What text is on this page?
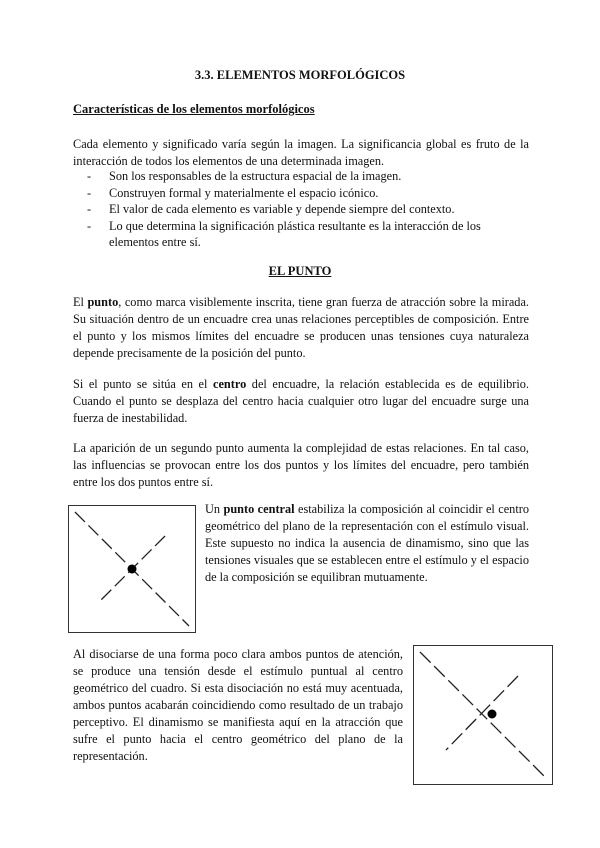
3.3. ELEMENTOS MORFOLÓGICOS
Características de los elementos morfológicos
Cada elemento y significado varía según la imagen. La significancia global es fruto de la interacción de todos los elementos de una determinada imagen.
- Son los responsables de la estructura espacial de la imagen.
- Construyen formal y materialmente el espacio icónico.
- El valor de cada elemento es variable y depende siempre del contexto.
- Lo que determina la significación plástica resultante es la interacción de los elementos entre sí.
EL PUNTO
El punto, como marca visiblemente inscrita, tiene gran fuerza de atracción sobre la mirada. Su situación dentro de un encuadre crea unas relaciones perceptibles de composición. Entre el punto y los mismos límites del encuadre se producen unas tensiones cuya naturaleza depende precisamente de la posición del punto.
Si el punto se sitúa en el centro del encuadre, la relación establecida es de equilibrio. Cuando el punto se desplaza del centro hacia cualquier otro lugar del encuadre surge una fuerza de inestabilidad.
La aparición de un segundo punto aumenta la complejidad de estas relaciones. En tal caso, las influencias se provocan entre los dos puntos y los límites del encuadre, pero también entre los dos puntos entre sí.
Un punto central estabiliza la composición al coincidir el centro geométrico del plano de la representación con el estímulo visual. Este supuesto no indica la ausencia de dinamismo, sino que las tensiones visuales que se establecen entre el estímulo y el espacio de la composición se equilibran mutuamente.
Al disociarse de una forma poco clara ambos puntos de atención, se produce una tensión desde el estímulo puntual al centro geométrico del cuadro. Si esta disociación no está muy acentuada, ambos puntos acabarán coincidiendo como resultado de un trabajo perceptivo. El dinamismo se manifiesta aquí en la atracción que sufre el punto hacia el centro geométrico del plano de la representación.
